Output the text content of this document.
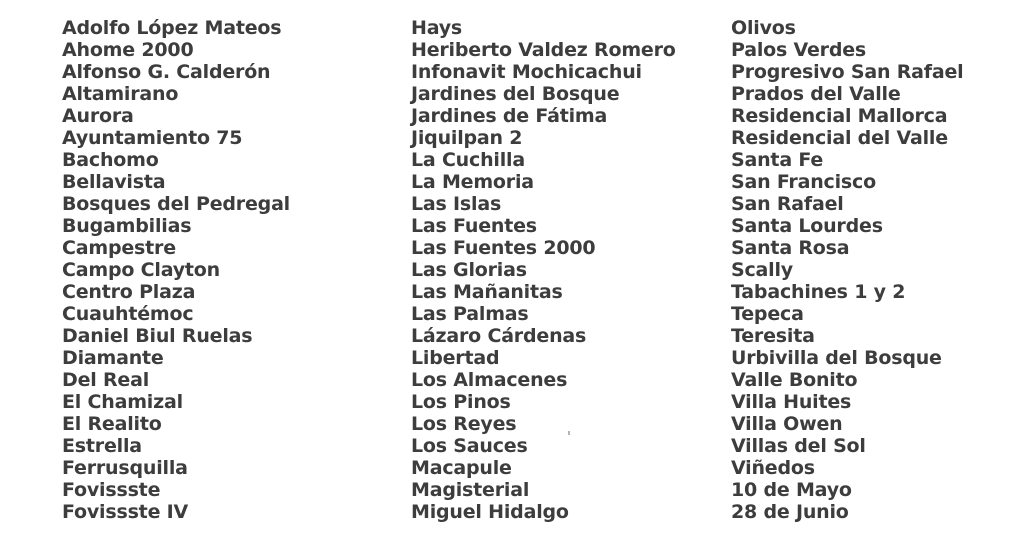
Adolfo López Mateos
Ahome 2000
Alfonso G. Calderón
Altamirano
Aurora
Ayuntamiento 75
Bachomo
Bellavista
Bosques del Pedregal
Bugambilias
Campestre
Campo Clayton
Centro Plaza
Cuauhtémoc
Daniel Biul Ruelas
Diamante
Del Real
El Chamizal
El Realito
Estrella
Ferrusquilla
Fovissste
Fovissste IV
Hays
Heriberto Valdez Romero
Infonavit Mochicachui
Jardines del Bosque
Jardines de Fátima
Jiquilpan 2
La Cuchilla
La Memoria
Las Islas
Las Fuentes
Las Fuentes 2000
Las Glorias
Las Mañanitas
Las Palmas
Lázaro Cárdenas
Libertad
Los Almacenes
Los Pinos
Los Reyes
Los Sauces
Macapule
Magisterial
Miguel Hidalgo
Olivos
Palos Verdes
Progresivo San Rafael
Prados del Valle
Residencial Mallorca
Residencial del Valle
Santa Fe
San Francisco
San Rafael
Santa Lourdes
Santa Rosa
Scally
Tabachines 1 y 2
Tepeca
Teresita
Urbivilla del Bosque
Valle Bonito
Villa Huites
Villa Owen
Villas del Sol
Viñedos
10 de Mayo
28 de Junio
